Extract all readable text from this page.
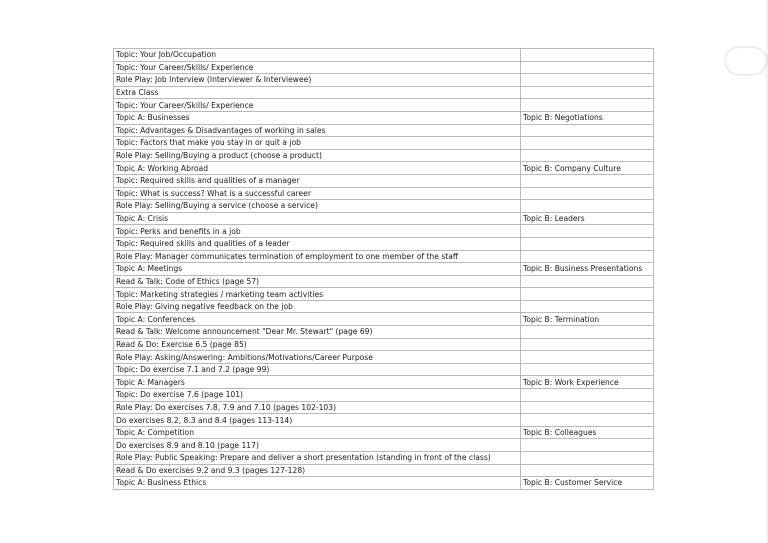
Topic: Your Job/Occupation	
Topic: Your Career/Skills/ Experience	
Role Play: Job Interview (Interviewer & Interviewee)	
Extra Class	
Topic: Your Career/Skills/ Experience	
Topic A: Businesses	Topic B: Negotiations
Topic: Advantages & Disadvantages of working in sales	
Topic: Factors that make you stay in or quit a job	
Role Play: Selling/Buying a product (choose a product)	
Topic A: Working Abroad	Topic B: Company Culture
Topic: Required skills and qualities of a manager	
Topic: What is success? What is a successful career	
Role Play: Selling/Buying a service (choose a service)	
Topic A: Crisis	Topic B: Leaders
Topic: Perks and benefits in a job	
Topic: Required skills and qualities of a leader	
Role Play: Manager communicates termination of employment to one member of the staff	
Topic A: Meetings	Topic B: Business Presentations
Read & Talk: Code of Ethics (page 57)	
Topic: Marketing strategies / marketing team activities	
Role Play: Giving negative feedback on the job	
Topic A: Conferences	Topic B: Termination
Read & Talk: Welcome announcement "Dear Mr. Stewart" (page 69)	
Read & Do: Exercise 6.5 (page 85)	
Role Play: Asking/Answering: Ambitions/Motivations/Career Purpose	
Topic: Do exercise 7.1 and 7.2 (page 99)	
Topic A: Managers	Topic B: Work Experience
Topic: Do exercise 7.6 (page 101)	
Role Play: Do exercises 7.8, 7.9 and 7.10 (pages 102-103)	
Do exercises 8.2, 8.3 and 8.4 (pages 113-114)	
Topic A: Competition	Topic B: Colleagues
Do exercises 8.9 and 8.10 (page 117)	
Role Play: Public Speaking: Prepare and deliver a short presentation (standing in front of the class)	
Read & Do exercises 9.2 and 9.3 (pages 127-128)	
Topic A: Business Ethics	Topic B: Customer Service
